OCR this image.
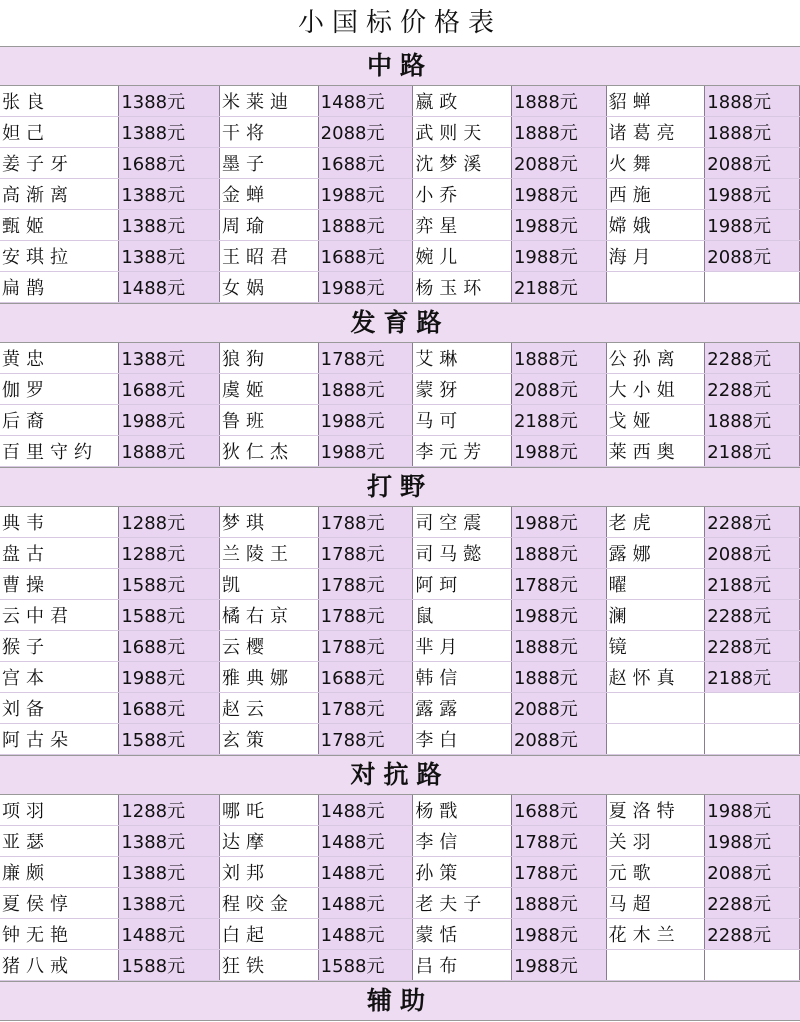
小国标价格表
中路
张良	1388元	米莱迪	1488元	嬴政	1888元	貂蝉	1888元
妲己	1388元	干将	2088元	武则天	1888元	诸葛亮	1888元
姜子牙	1688元	墨子	1688元	沈梦溪	2088元	火舞	2088元
高渐离	1388元	金蝉	1988元	小乔	1988元	西施	1988元
甄姬	1388元	周瑜	1888元	弈星	1988元	嫦娥	1988元
安琪拉	1388元	王昭君	1688元	婉儿	1988元	海月	2088元
扁鹊	1488元	女娲	1988元	杨玉环	2188元		
发育路
黄忠	1388元	狼狗	1788元	艾琳	1888元	公孙离	2288元
伽罗	1688元	虞姬	1888元	蒙犽	2088元	大小姐	2288元
后裔	1988元	鲁班	1988元	马可	2188元	戈娅	1888元
百里守约	1888元	狄仁杰	1988元	李元芳	1988元	莱西奥	2188元
打野
典韦	1288元	梦琪	1788元	司空震	1988元	老虎	2288元
盘古	1288元	兰陵王	1788元	司马懿	1888元	露娜	2088元
曹操	1588元	凯	1788元	阿珂	1788元	曜	2188元
云中君	1588元	橘右京	1788元	鼠	1988元	澜	2288元
猴子	1688元	云樱	1788元	芈月	1888元	镜	2288元
宫本	1988元	雅典娜	1688元	韩信	1888元	赵怀真	2188元
刘备	1688元	赵云	1788元	露露	2088元		
阿古朵	1588元	玄策	1788元	李白	2088元		
对抗路
项羽	1288元	哪吒	1488元	杨戬	1688元	夏洛特	1988元
亚瑟	1388元	达摩	1488元	李信	1788元	关羽	1988元
廉颇	1388元	刘邦	1488元	孙策	1788元	元歌	2088元
夏侯惇	1388元	程咬金	1488元	老夫子	1888元	马超	2288元
钟无艳	1488元	白起	1488元	蒙恬	1988元	花木兰	2288元
猪八戒	1588元	狂铁	1588元	吕布	1988元		
辅助
